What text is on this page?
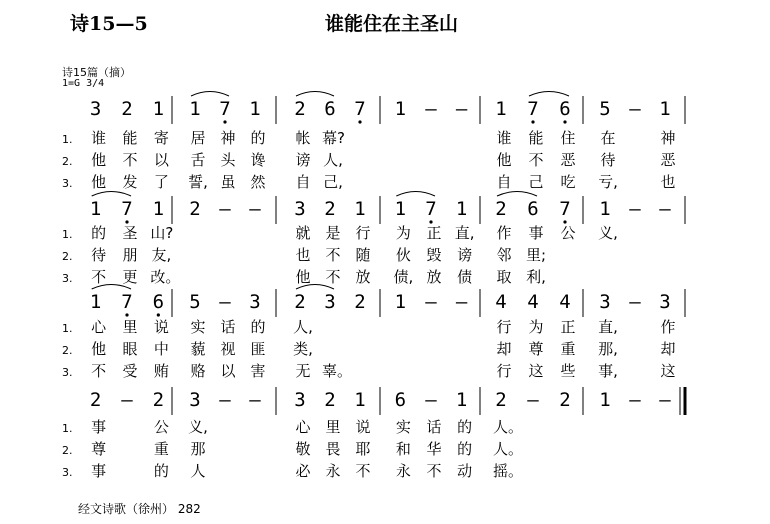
诗15—5	谁能住在主圣山
诗15篇（摘）
1=G 3/4
3 2 1 1 7 1 2 6 7 1 – – 1 7 6 5 – 1
1. 谁 能 寄 居 神 的 帐 幕?	谁 能 住 在	神
2. 他 不 以 舌 头 谗 谤 人,	他 不 恶 待	恶
3. 他 发 了 誓, 虽 然 自 己,	自 己 吃 亏,	也
1 7 1 2 – – 3 2 1 1 7 1 2 6 7 1 – –
1. 的 圣 山?	就 是 行 为 正 直, 作 事 公 义,
2. 待 朋 友,	也 不 随 伙 毁 谤 邻 里;
3. 不 更 改。	他 不 放 债, 放 债 取 利,
1 7 6 5 – 3 2 3 2 1 – – 4 4 4 3 – 3
1. 心 里 说 实 话 的 人,	行 为 正 直,	作
2. 他 眼 中 藐 视 匪 类,	却 尊 重 那,	却
3. 不 受 贿 赂 以 害 无 辜。	行 这 些 事,	这
2 – 2 3 – – 3 2 1 6 – 1 2 – 2 1 – –
1. 事	公 义,	心 里 说 实 话 的 人。
2. 尊	重 那	敬 畏 耶 和 华 的 人。
3. 事	的 人	必 永 不 永 不 动 摇。
经文诗歌（徐州） 282
